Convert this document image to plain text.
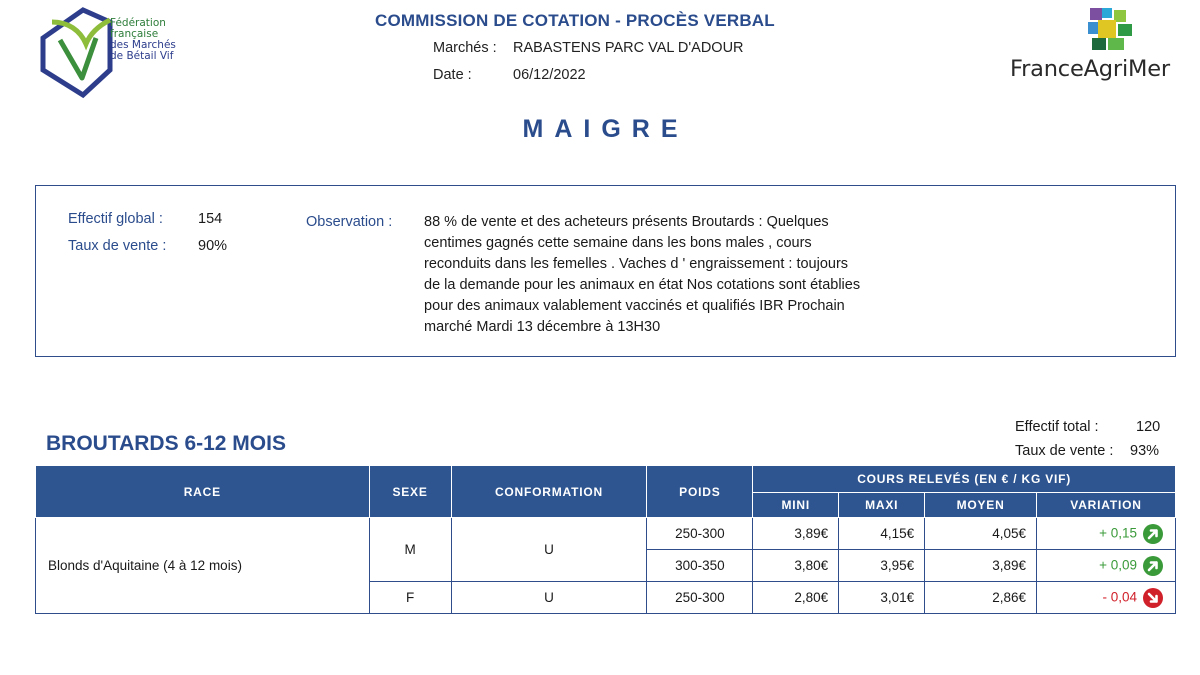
Fédération
française
des Marchés
de Bétail Vif
COMMISSION DE COTATION - PROCÈS VERBAL
Marchés : RABASTENS PARC VAL D'ADOUR
Date :	06/12/2022	FranceAgriMer
MAIGRE
Effectif global : 154
Taux de vente : 90%
Observation : 88 % de vente et des acheteurs présents Broutards : Quelques
centimes gagnés cette semaine dans les bons males , cours
reconduits dans les femelles . Vaches d ' engraissement : toujours
de la demande pour les animaux en état Nos cotations sont établies
pour des animaux valablement vaccinés et qualifiés IBR Prochain
marché Mardi 13 décembre à 13H30
BROUTARDS 6-12 MOIS
Effectif total :	120
Taux de vente : 93%
RACE	SEXE	CONFORMATION	POIDS	COURS RELEVÉS (EN € / KG VIF)			
				MINI	MAXI	MOYEN	VARIATION
Blonds d'Aquitaine (4 à 12 mois)	M	U	250-300	3,89€	4,15€	4,05€	+ 0,15
			300-350	3,80€	3,95€	3,89€	+ 0,09
	F	U	250-300	2,80€	3,01€	2,86€	- 0,04
